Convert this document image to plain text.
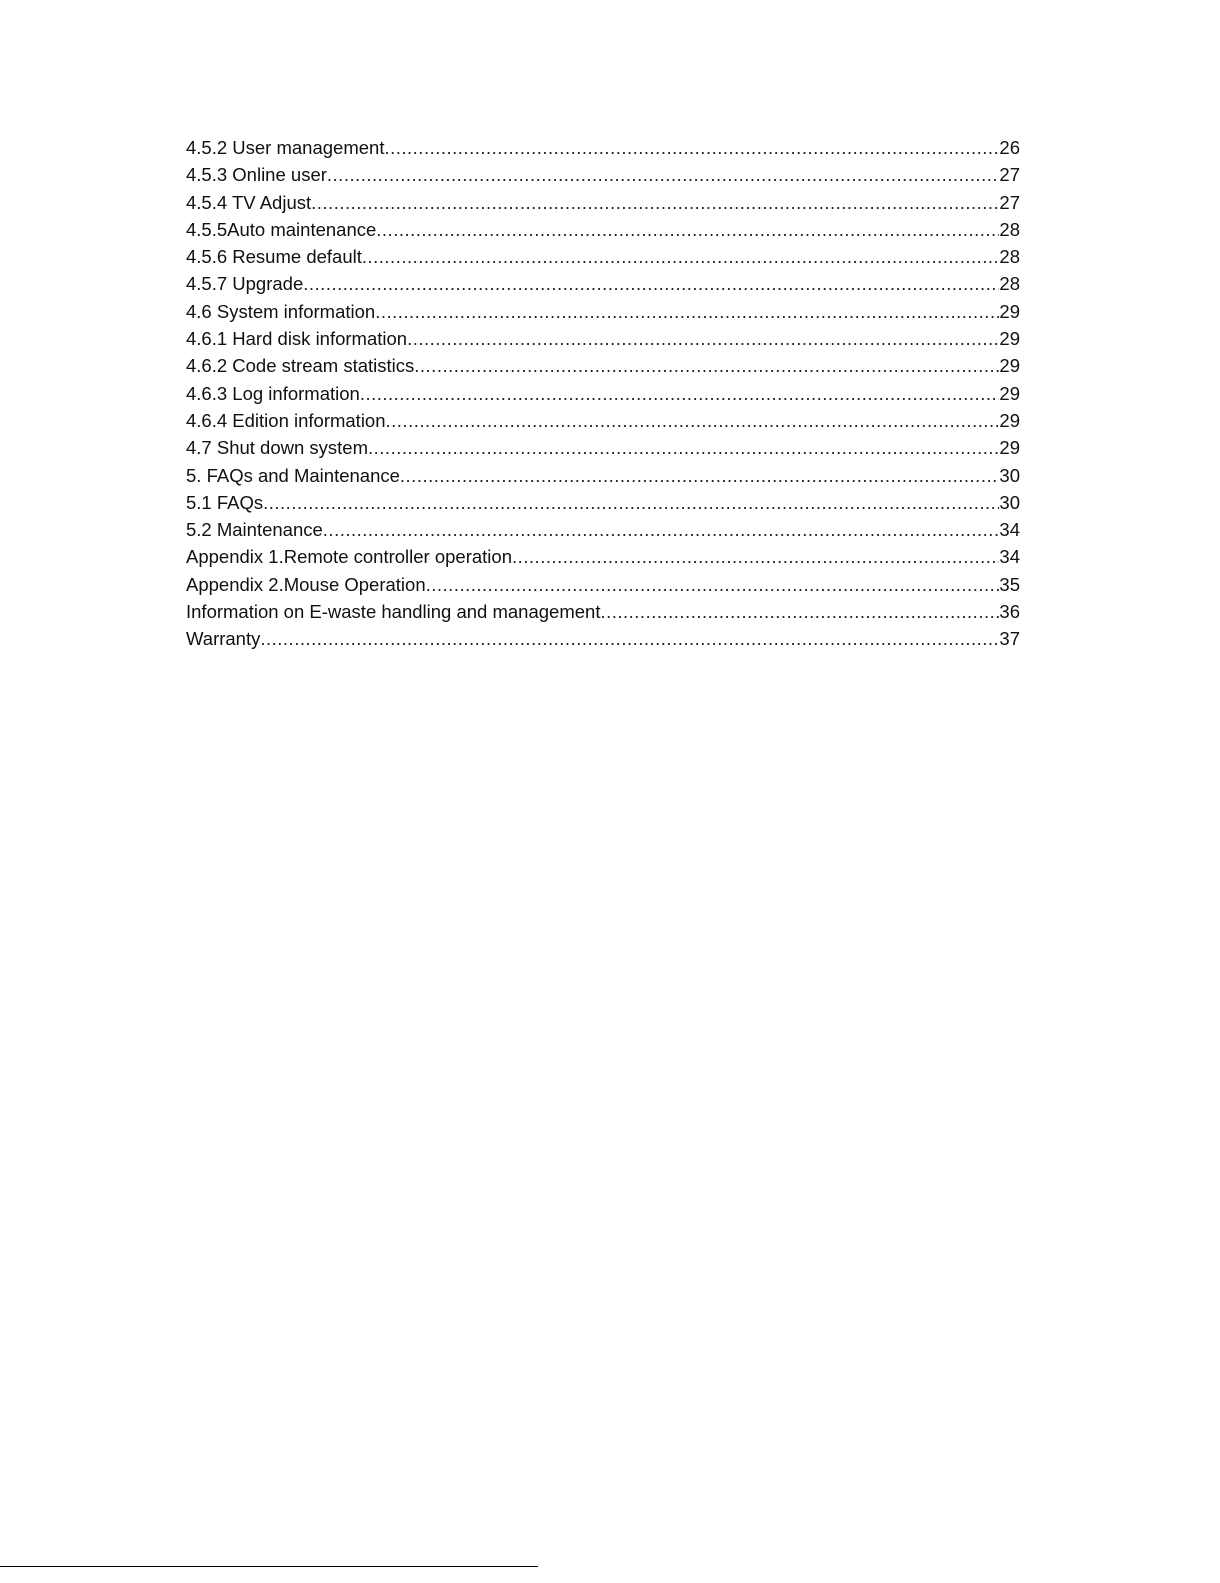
4.5.2 User management .....	26
4.5.3 Online user .....	27
4.5.4 TV Adjust .....	27
4.5.5Auto maintenance .....	28
4.5.6 Resume default .....	28
4.5.7 Upgrade .....	28
4.6 System information .....	29
4.6.1 Hard disk information .....	29
4.6.2 Code stream statistics .....	29
4.6.3 Log information .....	29
4.6.4 Edition information .....	29
4.7 Shut down system .....	29
5. FAQs and Maintenance .....	30
5.1 FAQs .....	30
5.2 Maintenance .....	34
Appendix 1.Remote controller operation .....	34
Appendix 2.Mouse Operation .....	35
Information on E-waste handling and management .....	36
Warranty .....	37
